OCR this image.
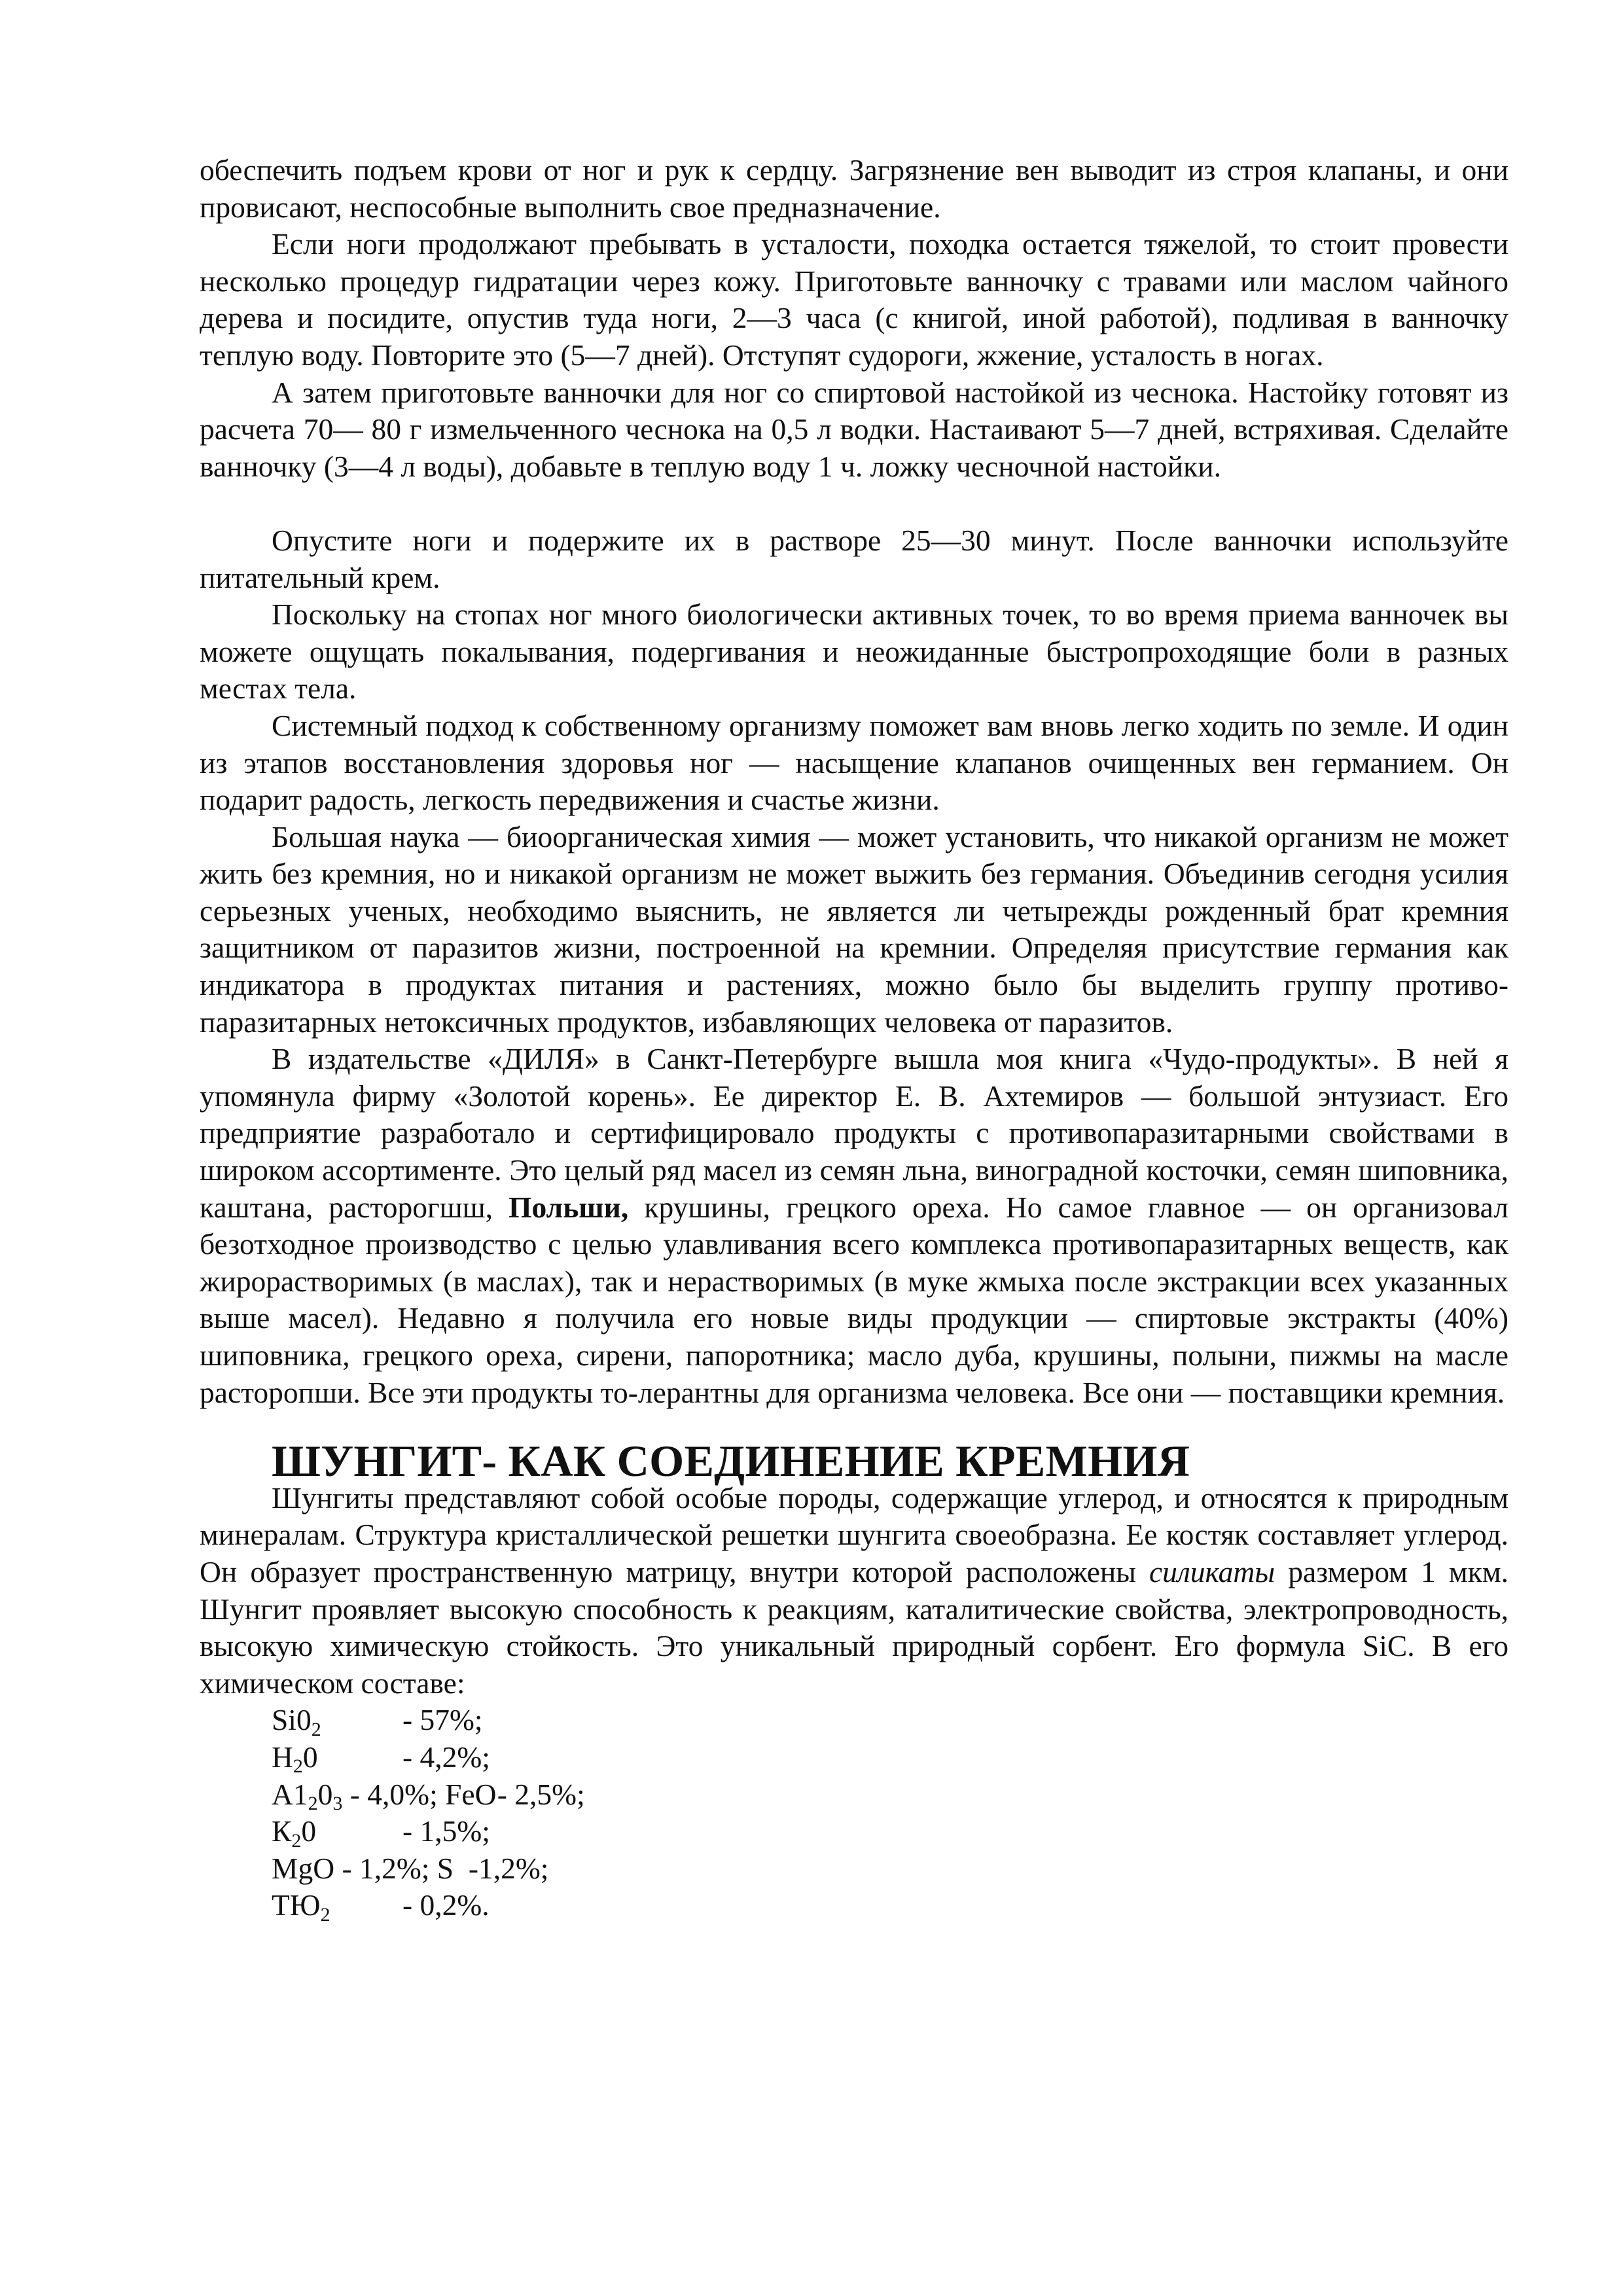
обеспечить подъем крови от ног и рук к сердцу. Загрязнение вен выводит из строя клапаны, и они провисают, неспособные выполнить свое предназначение.

Если ноги продолжают пребывать в усталости, походка остается тяжелой, то стоит провести несколько процедур гидратации через кожу. Приготовьте ванночку с травами или маслом чайного дерева и посидите, опустив туда ноги, 2—3 часа (с книгой, иной работой), подливая в ванночку теплую воду. Повторите это (5—7 дней). Отступят судороги, жжение, усталость в ногах.

А затем приготовьте ванночки для ног со спиртовой настойкой из чеснока. Настойку готовят из расчета 70— 80 г измельченного чеснока на 0,5 л водки. Настаивают 5—7 дней, встряхивая. Сделайте ванночку (3—4 л воды), добавьте в теплую воду 1 ч. ложку чесночной настойки.

Опустите ноги и подержите их в растворе 25—30 минут. После ванночки используйте питательный крем.

Поскольку на стопах ног много биологически активных точек, то во время приема ванночек вы можете ощущать покалывания, подергивания и неожиданные быстропроходящие боли в разных местах тела.

Системный подход к собственному организму поможет вам вновь легко ходить по земле. И один из этапов восстановления здоровья ног — насыщение клапанов очищенных вен германием. Он подарит радость, легкость передвижения и счастье жизни.

Большая наука — биоорганическая химия — может установить, что никакой организм не может жить без кремния, но и никакой организм не может выжить без германия. Объединив сегодня усилия серьезных ученых, необходимо выяснить, не является ли четырежды рожденный брат кремния защитником от паразитов жизни, построенной на кремнии. Определяя присутствие германия как индикатора в продуктах питания и растениях, можно было бы выделить группу противо-паразитарных нетоксичных продуктов, избавляющих человека от паразитов.

В издательстве «ДИЛЯ» в Санкт-Петербурге вышла моя книга «Чудо-продукты». В ней я упомянула фирму «Золотой корень». Ее директор Е. В. Ахтемиров — большой энтузиаст. Его предприятие разработало и сертифицировало продукты с противопаразитарными свойствами в широком ассортименте. Это целый ряд масел из семян льна, виноградной косточки, семян шиповника, каштана, расторогшш, Польши, крушины, грецкого ореха. Но самое главное — он организовал безотходное производство с целью улавливания всего комплекса противопаразитарных веществ, как жирорастворимых (в маслах), так и нерастворимых (в муке жмыха после экстракции всех указанных выше масел). Недавно я получила его новые виды продукции — спиртовые экстракты (40%) шиповника, грецкого ореха, сирени, папоротника; масло дуба, крушины, полыни, пижмы на масле расторопши. Все эти продукты то-лерантны для организма человека. Все они — поставщики кремния.

ШУНГИТ- КАК СОЕДИНЕНИЕ КРЕМНИЯ

Шунгиты представляют собой особые породы, содержащие углерод, и относятся к природным минералам. Структура кристаллической решетки шунгита своеобразна. Ее костяк составляет углерод. Он образует пространственную матрицу, внутри которой расположены силикаты размером 1 мкм. Шунгит проявляет высокую способность к реакциям, каталитические свойства, электропроводность, высокую химическую стойкость. Это уникальный природный сорбент. Его формула SiC. В его химическом составе:

$Si0_2$	- 57%;
$H_20$	- 4,2%;
$A1_20_3 - 4,0\%$; FeO- 2,5%;
$К_20$	- 1,5%;
MgO - 1,2%; S  -1,2%;
$ТЮ_2 - 0,2\%$.
